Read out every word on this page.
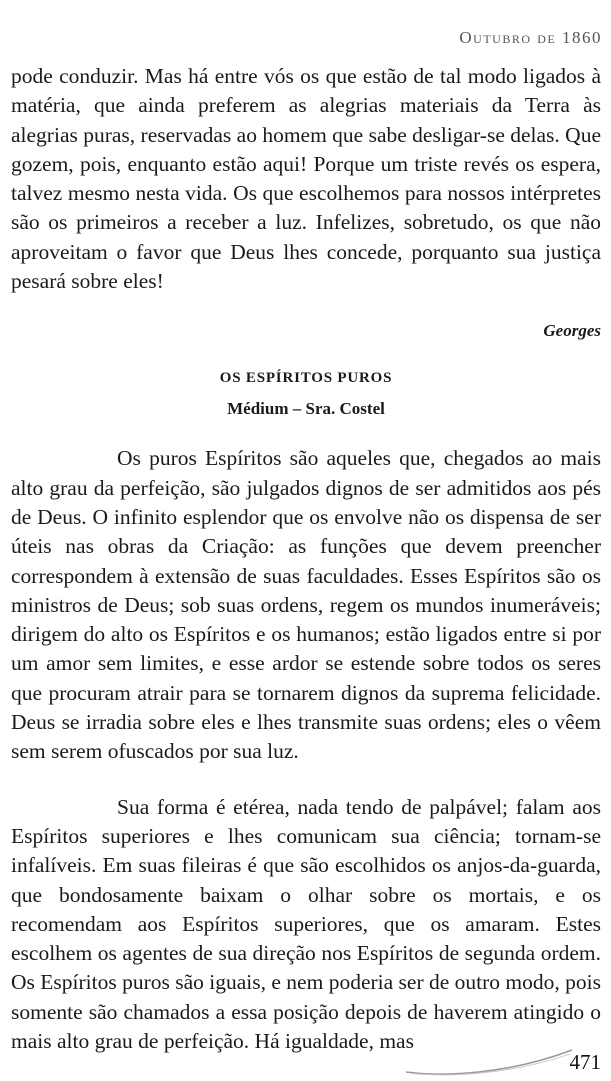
Outubro de 1860

pode conduzir. Mas há entre vós os que estão de tal modo ligados à matéria, que ainda preferem as alegrias materiais da Terra às alegrias puras, reservadas ao homem que sabe desligar-se delas. Que gozem, pois, enquanto estão aqui! Porque um triste revés os espera, talvez mesmo nesta vida. Os que escolhemos para nossos intérpretes são os primeiros a receber a luz. Infelizes, sobretudo, os que não aproveitam o favor que Deus lhes concede, porquanto sua justiça pesará sobre eles!

Georges
OS ESPÍRITOS PUROS
Médium – Sra. Costel

Os puros Espíritos são aqueles que, chegados ao mais alto grau da perfeição, são julgados dignos de ser admitidos aos pés de Deus. O infinito esplendor que os envolve não os dispensa de ser úteis nas obras da Criação: as funções que devem preencher correspondem à extensão de suas faculdades. Esses Espíritos são os ministros de Deus; sob suas ordens, regem os mundos inumeráveis; dirigem do alto os Espíritos e os humanos; estão ligados entre si por um amor sem limites, e esse ardor se estende sobre todos os seres que procuram atrair para se tornarem dignos da suprema felicidade. Deus se irradia sobre eles e lhes transmite suas ordens; eles o vêem sem serem ofuscados por sua luz.

Sua forma é etérea, nada tendo de palpável; falam aos Espíritos superiores e lhes comunicam sua ciência; tornam-se infalíveis. Em suas fileiras é que são escolhidos os anjos-da-guarda, que bondosamente baixam o olhar sobre os mortais, e os recomendam aos Espíritos superiores, que os amaram. Estes escolhem os agentes de sua direção nos Espíritos de segunda ordem. Os Espíritos puros são iguais, e nem poderia ser de outro modo, pois somente são chamados a essa posição depois de haverem atingido o mais alto grau de perfeição. Há igualdade, mas

471
